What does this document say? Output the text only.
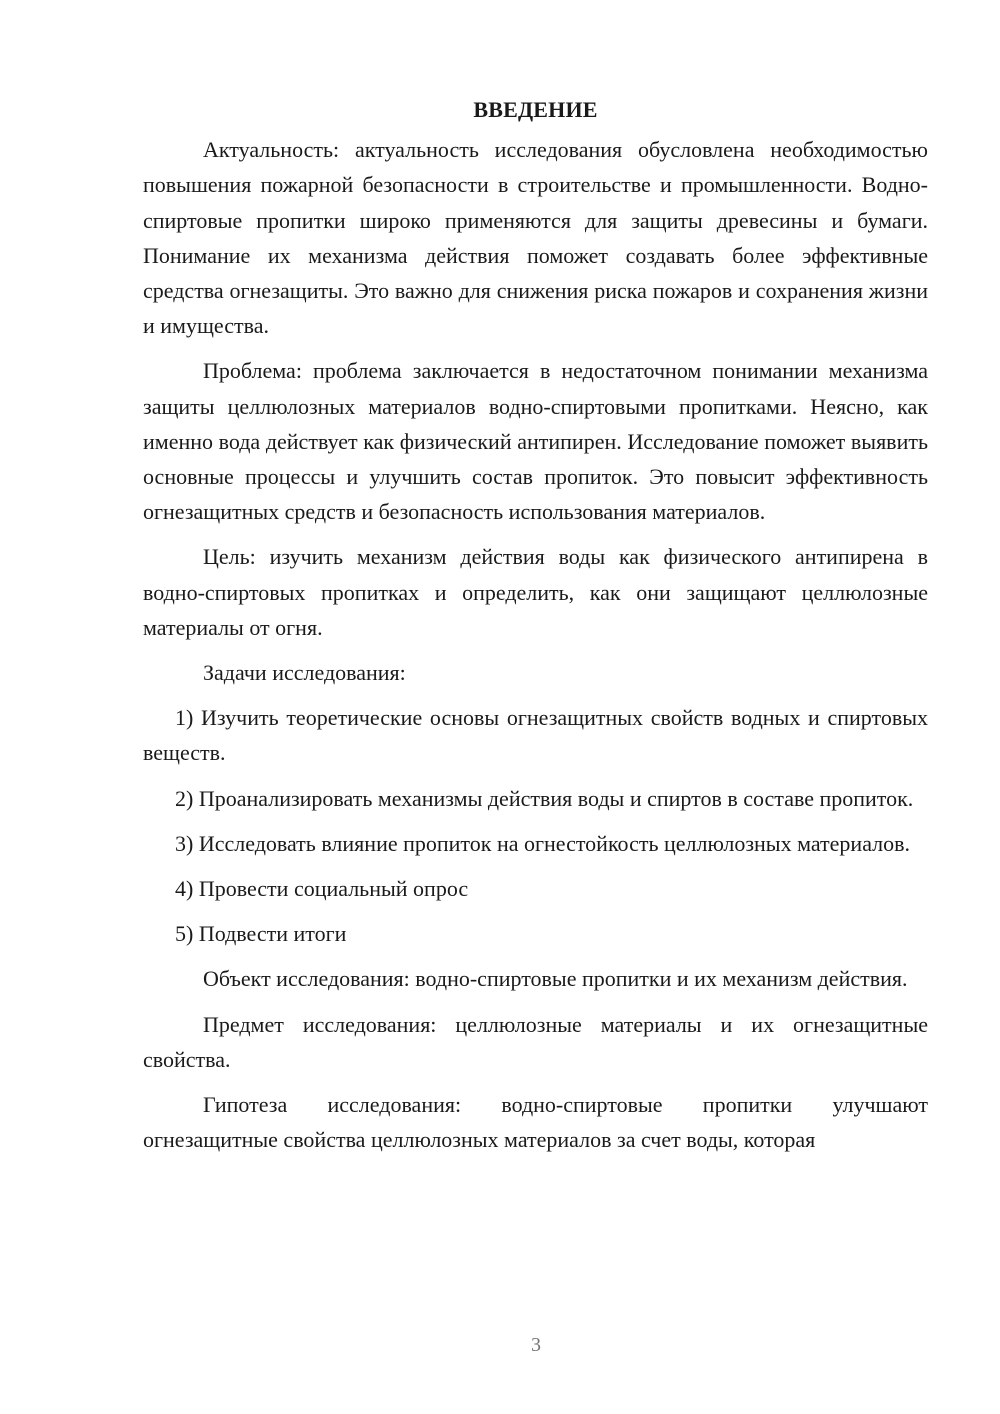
ВВЕДЕНИЕ

Актуальность: актуальность исследования обусловлена необходимостью повышения пожарной безопасности в строительстве и промышленности. Водно-спиртовые пропитки широко применяются для защиты древесины и бумаги. Понимание их механизма действия поможет создавать более эффективные средства огнезащиты. Это важно для снижения риска пожаров и сохранения жизни и имущества.

Проблема: проблема заключается в недостаточном понимании механизма защиты целлюлозных материалов водно-спиртовыми пропитками. Неясно, как именно вода действует как физический антипирен. Исследование поможет выявить основные процессы и улучшить состав пропиток. Это повысит эффективность огнезащитных средств и безопасность использования материалов.

Цель: изучить механизм действия воды как физического антипирена в водно-спиртовых пропитках и определить, как они защищают целлюлозные материалы от огня.

Задачи исследования:

1) Изучить теоретические основы огнезащитных свойств водных и спиртовых веществ.

2) Проанализировать механизмы действия воды и спиртов в составе пропиток.

3) Исследовать влияние пропиток на огнестойкость целлюлозных материалов.

4) Провести социальный опрос

5) Подвести итоги

Объект исследования: водно-спиртовые пропитки и их механизм действия.

Предмет исследования: целлюлозные материалы и их огнезащитные свойства.

Гипотеза исследования: водно-спиртовые пропитки улучшают огнезащитные свойства целлюлозных материалов за счет воды, которая

3
